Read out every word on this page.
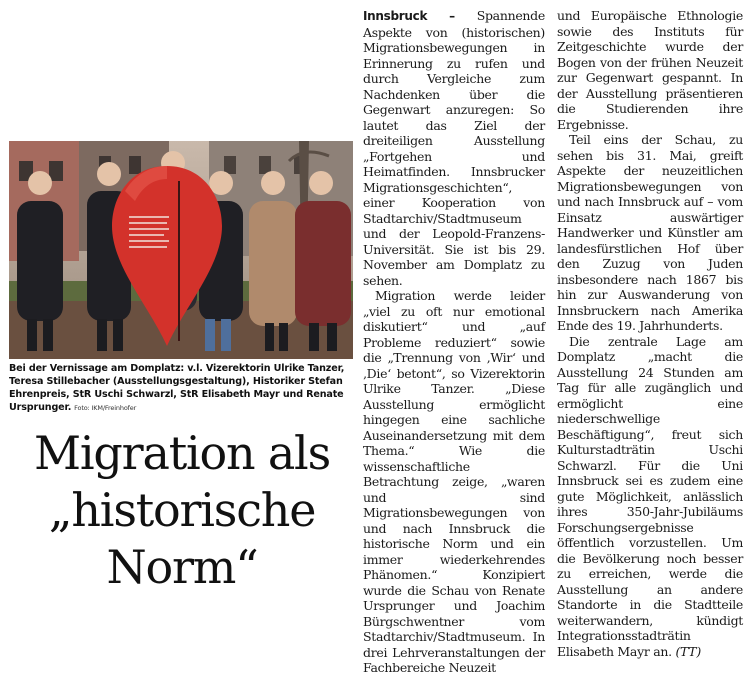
Bei der Vernissage am Domplatz: v.l. Vizerektorin Ulrike Tanzer, Teresa Stillebacher (Ausstellungsgestaltung), Historiker Stefan Ehrenpreis, StR Uschi Schwarzl, StR Elisabeth Mayr und Renate Ursprunger. Foto: IKM/Freinhofer

Migration als
„historische
Norm“

Innsbruck – Spannende Aspekte von (historischen) Migrationsbewegungen in Erinnerung zu rufen und durch Vergleiche zum Nachdenken über die Gegenwart anzuregen: So lautet das Ziel der dreiteiligen Ausstellung „Fortgehen und Heimatfinden. Innsbrucker Migrationsgeschichten“, einer Kooperation von Stadtarchiv/Stadtmuseum und der Leopold-Franzens-Universität. Sie ist bis 29. November am Domplatz zu sehen.

Migration werde leider „viel zu oft nur emotional diskutiert“ und „auf Probleme reduziert“ sowie die „Trennung von ‚Wir‘ und ‚Die‘ betont“, so Vizerektorin Ulrike Tanzer. „Diese Ausstellung ermöglicht hingegen eine sachliche Auseinandersetzung mit dem Thema.“ Wie die wissenschaftliche Betrachtung zeige, „waren und sind Migrationsbewegungen von und nach Innsbruck die historische Norm und ein immer wiederkehrendes Phänomen.“ Konzipiert wurde die Schau von Renate Ursprunger und Joachim Bürgschwentner vom Stadtarchiv/Stadtmuseum. In drei Lehrveranstaltungen der Fachbereiche Neuzeit

und Europäische Ethnologie sowie des Instituts für Zeitgeschichte wurde der Bogen von der frühen Neuzeit zur Gegenwart gespannt. In der Ausstellung präsentieren die Studierenden ihre Ergebnisse.

Teil eins der Schau, zu sehen bis 31. Mai, greift Aspekte der neuzeitlichen Migrationsbewegungen von und nach Innsbruck auf – vom Einsatz auswärtiger Handwerker und Künstler am landesfürstlichen Hof über den Zuzug von Juden insbesondere nach 1867 bis hin zur Auswanderung von Innsbruckern nach Amerika Ende des 19. Jahrhunderts.

Die zentrale Lage am Domplatz „macht die Ausstellung 24 Stunden am Tag für alle zugänglich und ermöglicht eine niederschwellige Beschäftigung“, freut sich Kulturstadträtin Uschi Schwarzl. Für die Uni Innsbruck sei es zudem eine gute Möglichkeit, anlässlich ihres 350-Jahr-Jubiläums Forschungsergebnisse öffentlich vorzustellen. Um die Bevölkerung noch besser zu erreichen, werde die Ausstellung an andere Standorte in die Stadtteile weiterwandern, kündigt Integrationsstadträtin Elisabeth Mayr an. (TT)
